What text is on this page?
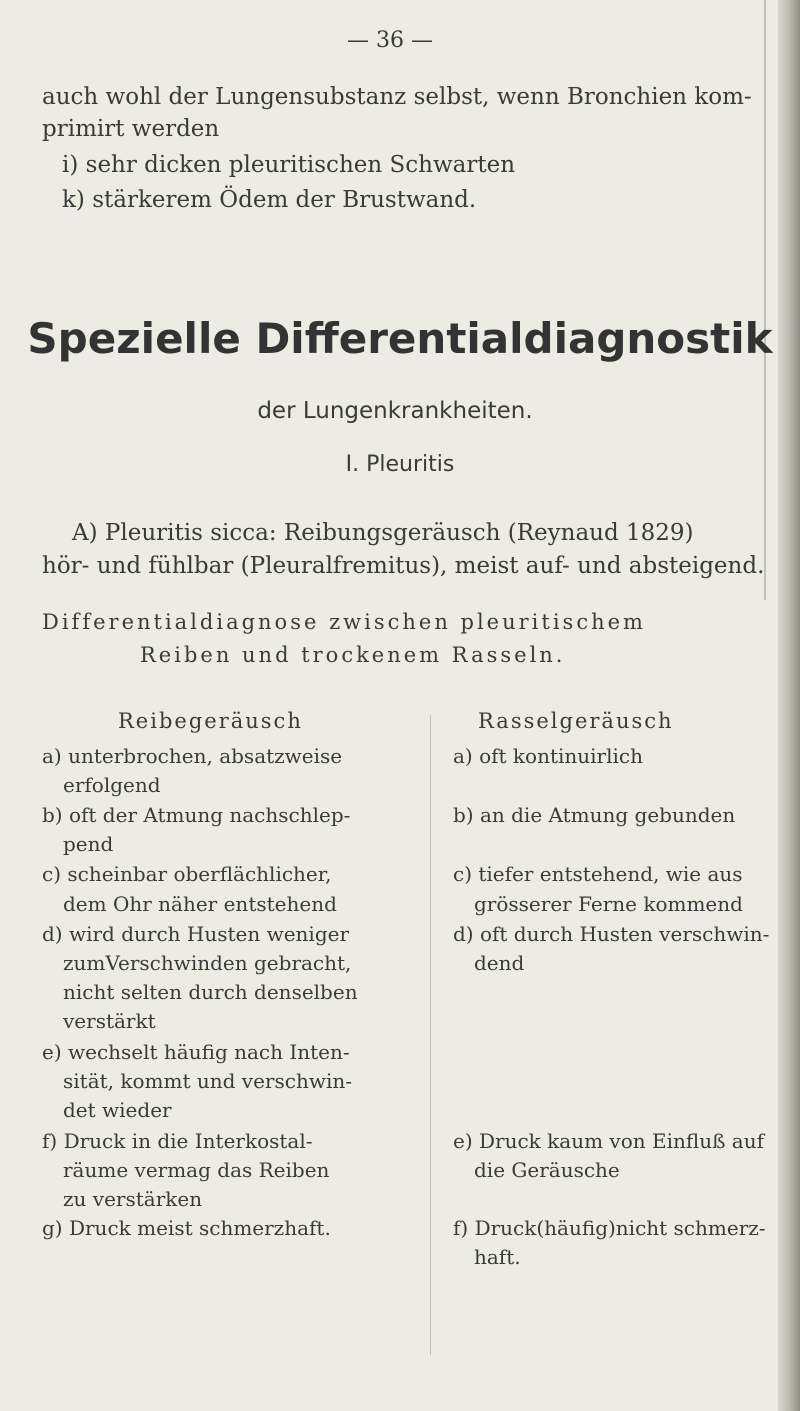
— 36 —
auch wohl der Lungensubstanz selbst, wenn Bronchien kom-
primirt werden
i) sehr dicken pleuritischen Schwarten
k) stärkerem Ödem der Brustwand.
Spezielle Differentialdiagnostik
der Lungenkrankheiten.
I. Pleuritis
A) Pleuritis sicca: Reibungsgeräusch (Reynaud 1829)
hör- und fühlbar (Pleuralfremitus), meist auf- und absteigend.
Differentialdiagnose zwischen pleuritischem
Reiben und trockenem Rasseln.
Reibegeräusch	Rasselgeräusch
a) unterbrochen, absatzweise
erfolgend
b) oft der Atmung nachschlep-
pend
c) scheinbar oberflächlicher,
dem Ohr näher entstehend
d) wird durch Husten weniger
zumVerschwinden gebracht,
nicht selten durch denselben
verstärkt
e) wechselt häufig nach Inten-
sität, kommt und verschwin-
det wieder
f) Druck in die Interkostal-
räume vermag das Reiben
zu verstärken
g) Druck meist schmerzhaft.
a) oft kontinuirlich
b) an die Atmung gebunden
c) tiefer entstehend, wie aus
grösserer Ferne kommend
d) oft durch Husten verschwin-
dend
e) Druck kaum von Einfluß auf
die Geräusche
f) Druck(häufig)nicht schmerz-
haft.
